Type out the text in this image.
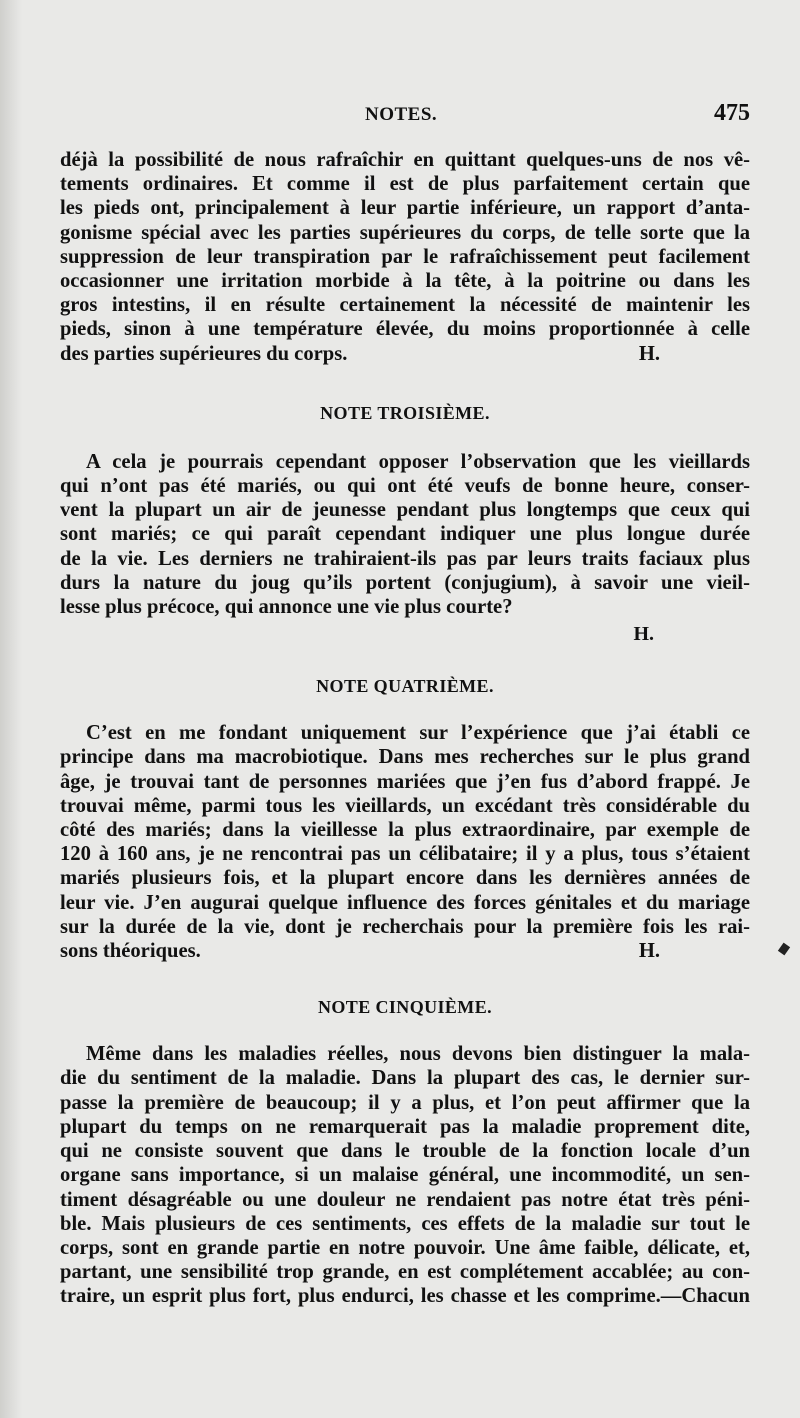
NOTES.	475
déjà la possibilité de nous rafraîchir en quittant quelques-uns de nos vê-
tements ordinaires. Et comme il est de plus parfaitement certain que
les pieds ont, principalement à leur partie inférieure, un rapport d’anta-
gonisme spécial avec les parties supérieures du corps, de telle sorte que la
suppression de leur transpiration par le rafraîchissement peut facilement
occasionner une irritation morbide à la tête, à la poitrine ou dans les
gros intestins, il en résulte certainement la nécessité de maintenir les
pieds, sinon à une température élevée, du moins proportionnée à celle
des parties supérieures du corps.	H.
NOTE TROISIÈME.
A cela je pourrais cependant opposer l’observation que les vieillards
qui n’ont pas été mariés, ou qui ont été veufs de bonne heure, conser-
vent la plupart un air de jeunesse pendant plus longtemps que ceux qui
sont mariés; ce qui paraît cependant indiquer une plus longue durée
de la vie. Les derniers ne trahiraient-ils pas par leurs traits faciaux plus
durs la nature du joug qu’ils portent (conjugium), à savoir une vieil-
lesse plus précoce, qui annonce une vie plus courte?

H.

NOTE QUATRIÈME.
C’est en me fondant uniquement sur l’expérience que j’ai établi ce
principe dans ma macrobiotique. Dans mes recherches sur le plus grand
âge, je trouvai tant de personnes mariées que j’en fus d’abord frappé. Je
trouvai même, parmi tous les vieillards, un excédant très considérable du
côté des mariés; dans la vieillesse la plus extraordinaire, par exemple de
120 à 160 ans, je ne rencontrai pas un célibataire; il y a plus, tous s’étaient
mariés plusieurs fois, et la plupart encore dans les dernières années de
leur vie. J’en augurai quelque influence des forces génitales et du mariage
sur la durée de la vie, dont je recherchais pour la première fois les rai-
sons théoriques.	H.
NOTE CINQUIÈME.
Même dans les maladies réelles, nous devons bien distinguer la mala-
die du sentiment de la maladie. Dans la plupart des cas, le dernier sur-
passe la première de beaucoup; il y a plus, et l’on peut affirmer que la
plupart du temps on ne remarquerait pas la maladie proprement dite,
qui ne consiste souvent que dans le trouble de la fonction locale d’un
organe sans importance, si un malaise général, une incommodité, un sen-
timent désagréable ou une douleur ne rendaient pas notre état très péni-
ble. Mais plusieurs de ces sentiments, ces effets de la maladie sur tout le
corps, sont en grande partie en notre pouvoir. Une âme faible, délicate, et,
partant, une sensibilité trop grande, en est complétement accablée; au con-
traire, un esprit plus fort, plus endurci, les chasse et les comprime.—Chacun
